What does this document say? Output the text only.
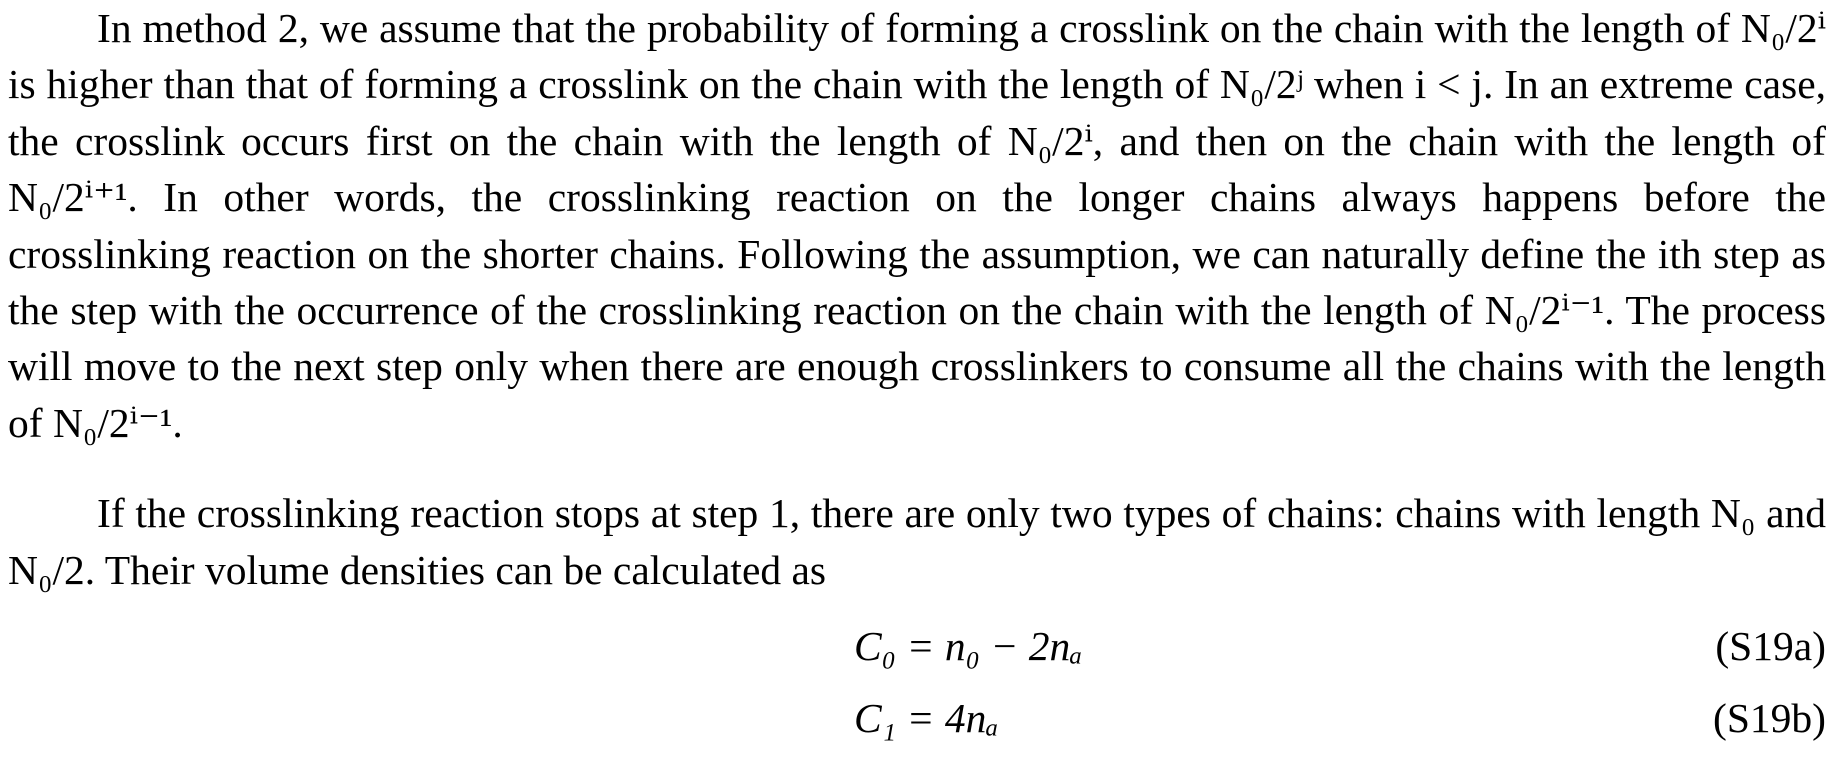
In method 2, we assume that the probability of forming a crosslink on the chain with the length of N₀/2ⁱ is higher than that of forming a crosslink on the chain with the length of N₀/2ʲ when i < j. In an extreme case, the crosslink occurs first on the chain with the length of N₀/2ⁱ, and then on the chain with the length of N₀/2ⁱ⁺¹. In other words, the crosslinking reaction on the longer chains always happens before the crosslinking reaction on the shorter chains. Following the assumption, we can naturally define the ith step as the step with the occurrence of the crosslinking reaction on the chain with the length of N₀/2ⁱ⁻¹. The process will move to the next step only when there are enough crosslinkers to consume all the chains with the length of N₀/2ⁱ⁻¹.

If the crosslinking reaction stops at step 1, there are only two types of chains: chains with length N₀ and N₀/2. Their volume densities can be calculated as

C₀ = n₀ − 2nₐ	(S19a)
C₁ = 4nₐ	(S19b)
